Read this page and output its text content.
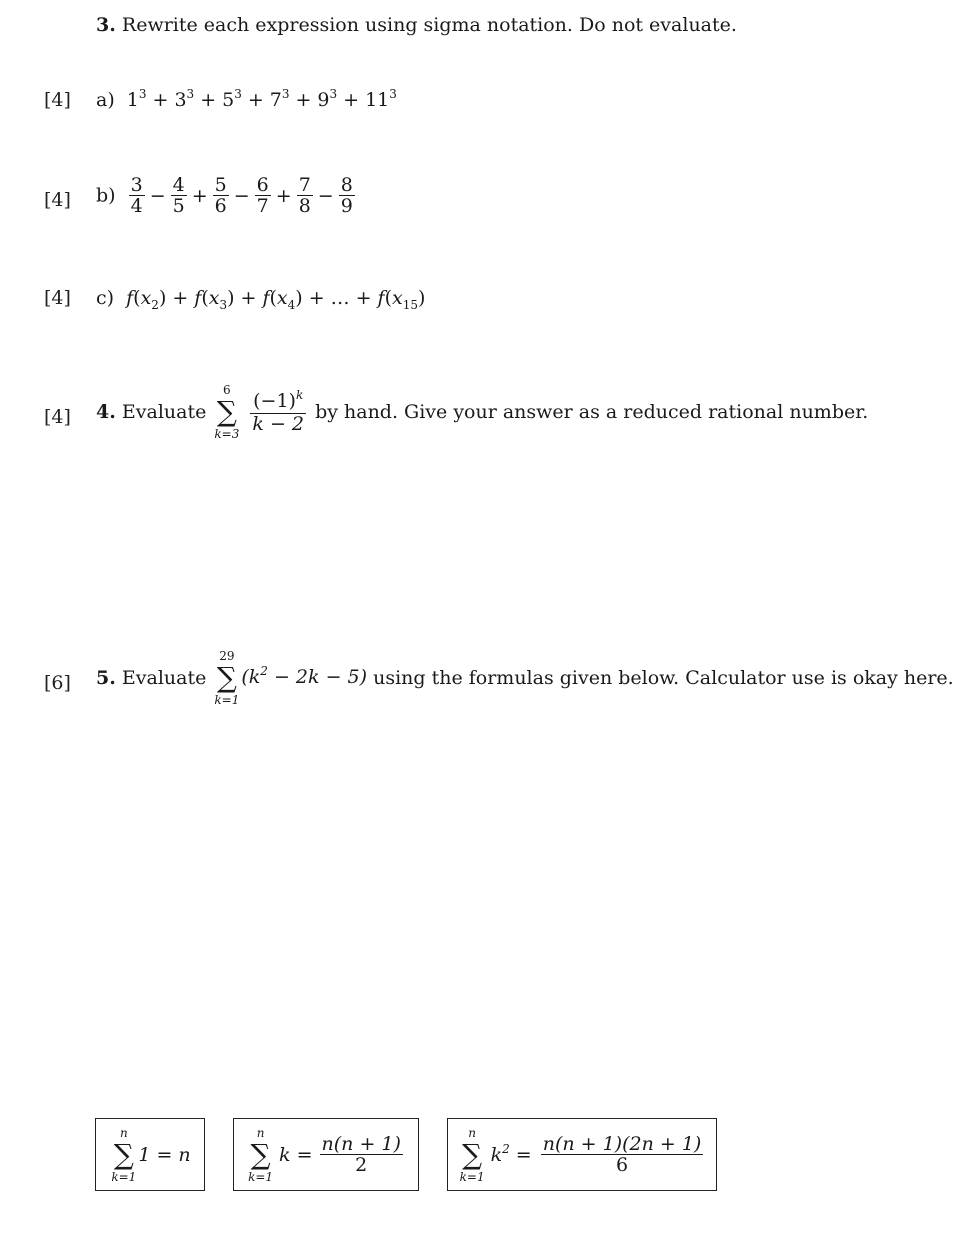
3. Rewrite each expression using sigma notation. Do not evaluate.
[4] a) $1^3 + 3^3 + 5^3 + 7^3 + 9^3 + 11^3$
[4] $b) \frac{3}{4} - \frac{4}{5} + \frac{5}{6} - \frac{6}{7} + \frac{7}{8} - \frac{8}{9}$
[4] c) $f(x_2) + f(x_3) + f(x_4)$ + … + $f(x_{15})$
[4] 4. Evaluate
6
∑
k=3

$\frac{(-1)^k}{k - 2}$ by hand. Give your answer as a reduced rational number.
[6] 5. Evaluate
29
∑
k=1
$(k^2 - 2k - 5)$ using the formulas given below. Calculator use is okay here.
n
∑
k=1
1 = n
n
∑
k=1
$k = \frac{n(n + 1)}{2}$
n
∑
k=1
$k^2 = \frac{n(n + 1)(2n + 1)}{6}$
